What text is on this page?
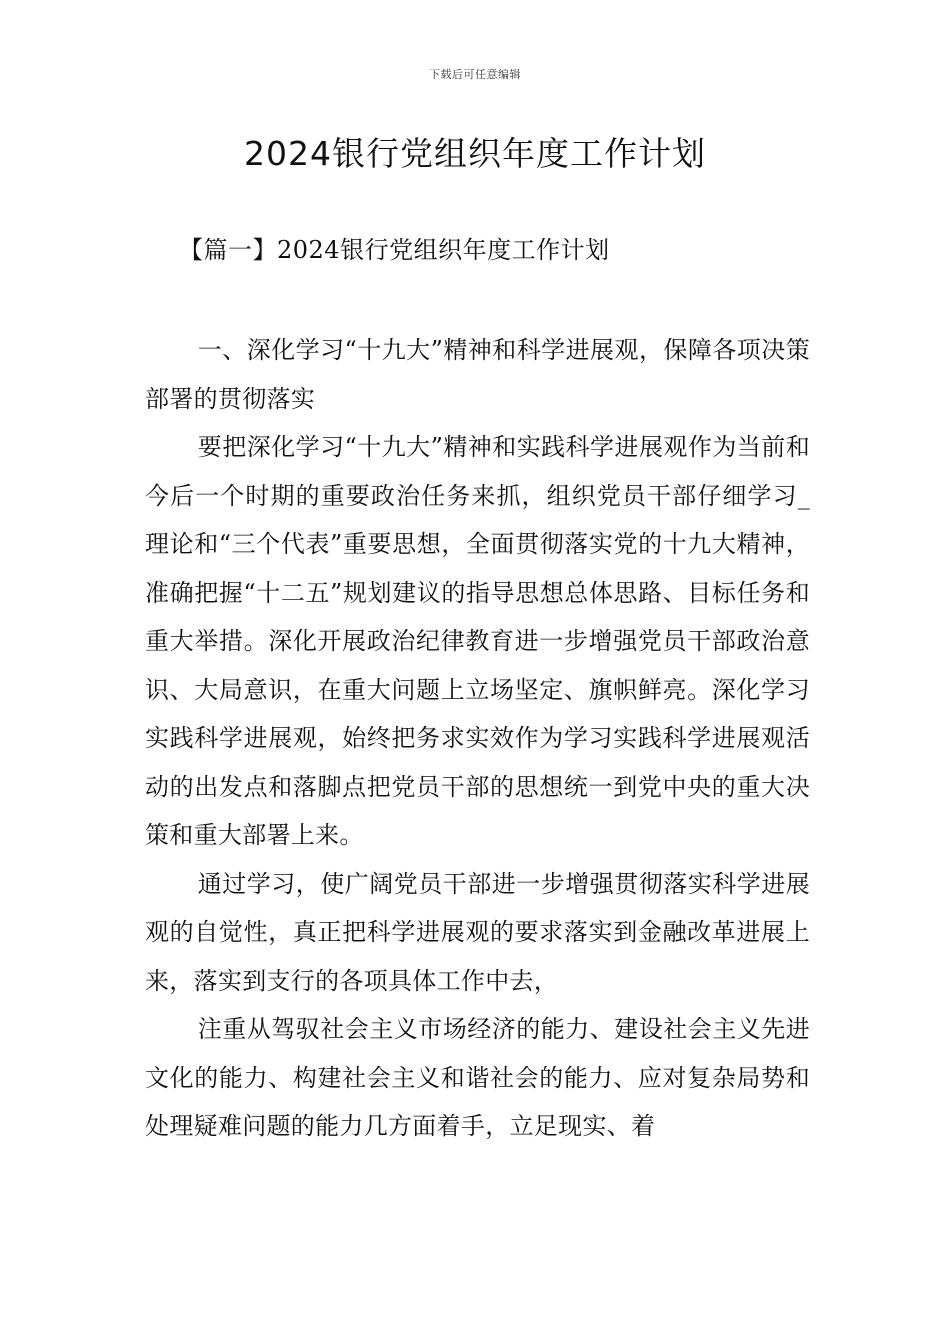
下载后可任意编辑
2024银行党组织年度工作计划
【篇一】2024银行党组织年度工作计划

一、深化学习“十九大”精神和科学进展观，保障各项决策部署的贯彻落实

要把深化学习“十九大”精神和实践科学进展观作为当前和今后一个时期的重要政治任务来抓，组织党员干部仔细学习_理论和“三个代表”重要思想，全面贯彻落实党的十九大精神，准确把握“十二五”规划建议的指导思想总体思路、目标任务和重大举措。深化开展政治纪律教育进一步增强党员干部政治意识、大局意识，在重大问题上立场坚定、旗帜鲜亮。深化学习实践科学进展观，始终把务求实效作为学习实践科学进展观活动的出发点和落脚点把党员干部的思想统一到党中央的重大决策和重大部署上来。

通过学习，使广阔党员干部进一步增强贯彻落实科学进展观的自觉性，真正把科学进展观的要求落实到金融改革进展上来，落实到支行的各项具体工作中去，

注重从驾驭社会主义市场经济的能力、建设社会主义先进文化的能力、构建社会主义和谐社会的能力、应对复杂局势和处理疑难问题的能力几方面着手，立足现实、着
